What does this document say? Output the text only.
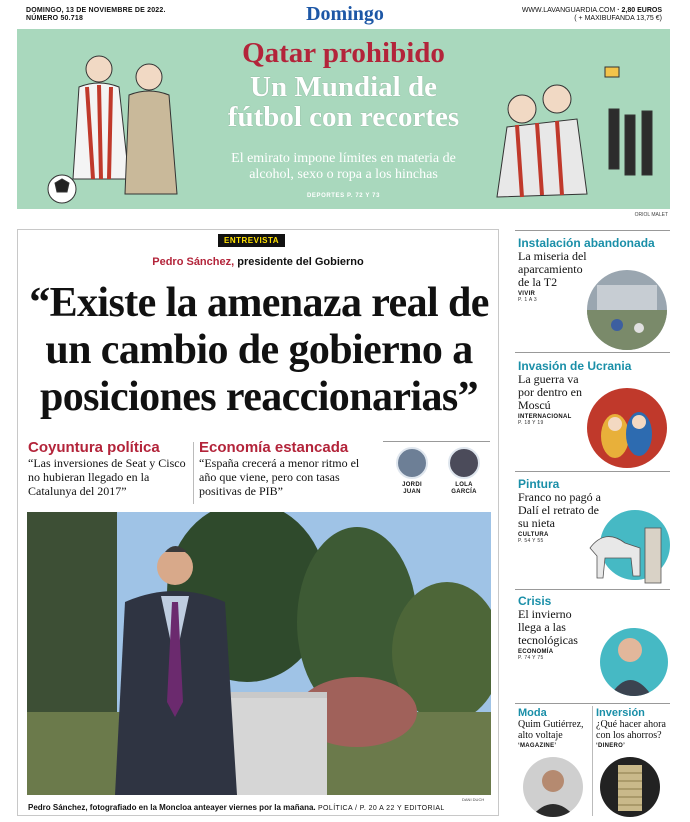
DOMINGO, 13 DE NOVIEMBRE DE 2022.
NÚMERO 50.718	Domingo	WWW.LAVANGUARDIA.COM · 2,80 EUROS
( + MAXIBUFANDA 13,75 €)
Qatar prohibido
Un Mundial de fútbol con recortes
El emirato impone límites en materia de alcohol, sexo o ropa a los hinchas
DEPORTES P. 72 Y 73
ORIOL MALET
ENTREVISTA
Pedro Sánchez, presidente del Gobierno
“Existe la amenaza real de un cambio de gobierno a posiciones reaccionarias”
Coyuntura política
“Las inversiones de Seat y Cisco no hubieran llegado en la Catalunya del 2017”
Economía estancada
“España crecerá a menor ritmo el año que viene, pero con tasas positivas de PIB”	JORDI
JUAN
LOLA
GARCÍA
DANI DUCH
Pedro Sánchez, fotografiado en la Moncloa anteayer viernes por la mañana. POLÍTICA / P. 20 A 22 Y EDITORIAL
Instalación abandonada
La miseria del aparcamiento de la T2
VIVIR
P. 1 A 3
Invasión de Ucrania
La guerra va por dentro en Moscú
INTERNACIONAL
P. 18 Y 19
Pintura
Franco no pagó a Dalí el retrato de su nieta
CULTURA
P. 54 Y 55
Crisis
El invierno llega a las tecnológicas
ECONOMÍA
P. 74 Y 75
Moda
Quim Gutiérrez, alto voltaje
‘MAGAZINE’
Inversión
¿Qué hacer ahora con los ahorros?
‘DINERO’
